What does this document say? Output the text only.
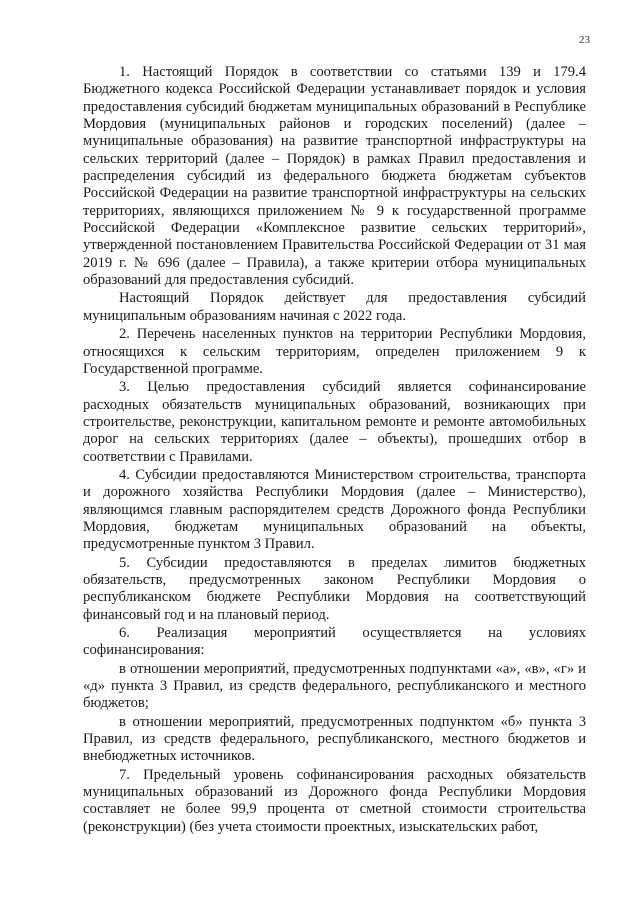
23

1. Настоящий Порядок в соответствии со статьями 139 и 179.4 Бюджетного кодекса Российской Федерации устанавливает порядок и условия предоставления субсидий бюджетам муниципальных образований в Республике Мордовия (муниципальных районов и городских поселений) (далее – муниципальные образования) на развитие транспортной инфраструктуры на сельских территорий (далее – Порядок) в рамках Правил предоставления и распределения субсидий из федерального бюджета бюджетам субъектов Российской Федерации на развитие транспортной инфраструктуры на сельских территориях, являющихся приложением № 9 к государственной программе Российской Федерации «Комплексное развитие сельских территорий», утвержденной постановлением Правительства Российской Федерации от 31 мая 2019 г. № 696 (далее – Правила), а также критерии отбора муниципальных образований для предоставления субсидий.

Настоящий Порядок действует для предоставления субсидий муниципальным образованиям начиная с 2022 года.

2. Перечень населенных пунктов на территории Республики Мордовия, относящихся к сельским территориям, определен приложением 9 к Государственной программе.

3. Целью предоставления субсидий является софинансирование расходных обязательств муниципальных образований, возникающих при строительстве, реконструкции, капитальном ремонте и ремонте автомобильных дорог на сельских территориях (далее – объекты), прошедших отбор в соответствии с Правилами.

4. Субсидии предоставляются Министерством строительства, транспорта и дорожного хозяйства Республики Мордовия (далее – Министерство), являющимся главным распорядителем средств Дорожного фонда Республики Мордовия, бюджетам муниципальных образований на объекты, предусмотренные пунктом 3 Правил.

5. Субсидии предоставляются в пределах лимитов бюджетных обязательств, предусмотренных законом Республики Мордовия о республиканском бюджете Республики Мордовия на соответствующий финансовый год и на плановый период.

6. Реализация мероприятий осуществляется на условиях софинансирования:

в отношении мероприятий, предусмотренных подпунктами «а», «в», «г» и «д» пункта 3 Правил, из средств федерального, республиканского и местного бюджетов;

в отношении мероприятий, предусмотренных подпунктом «б» пункта 3 Правил, из средств федерального, республиканского, местного бюджетов и внебюджетных источников.

7. Предельный уровень софинансирования расходных обязательств муниципальных образований из Дорожного фонда Республики Мордовия составляет не более 99,9 процента от сметной стоимости строительства (реконструкции) (без учета стоимости проектных, изыскательских работ,
